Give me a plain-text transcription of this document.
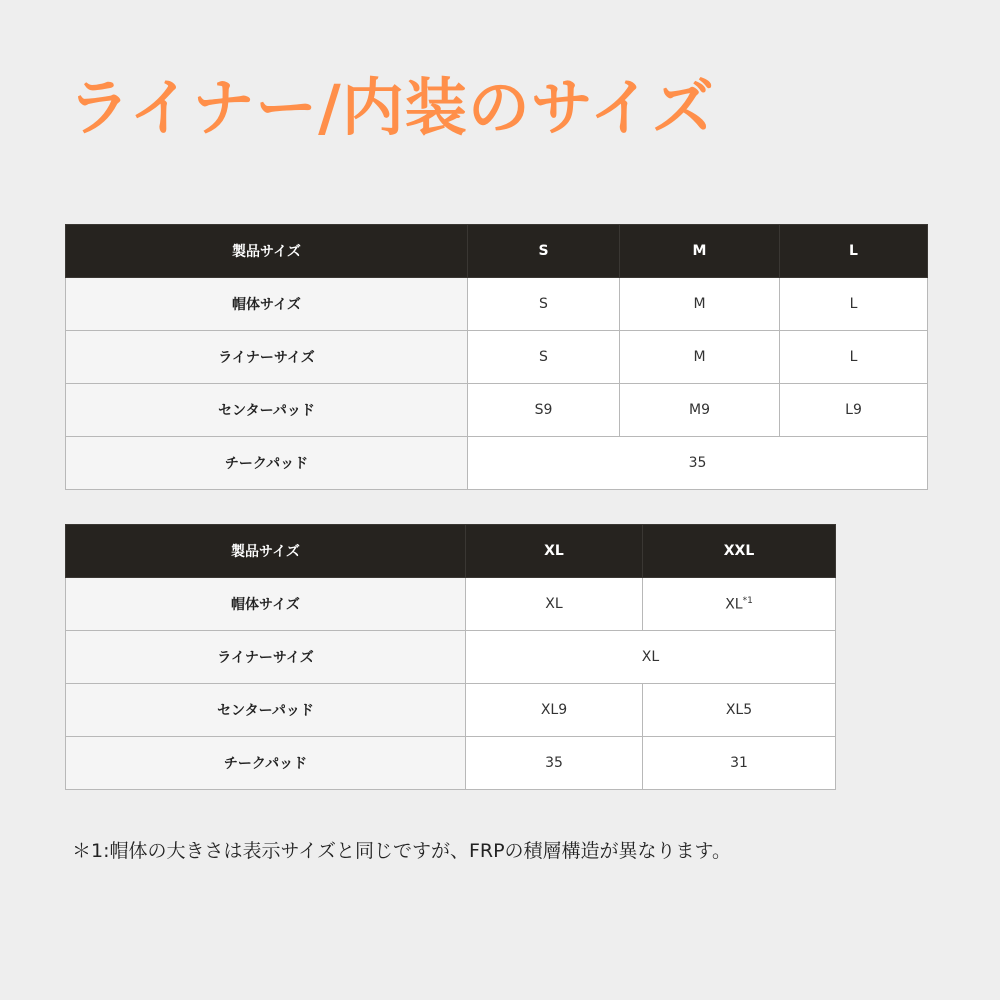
ライナー/内装のサイズ
製品サイズ	S	M	L
帽体サイズ	S	M	L
ライナーサイズ	S	M	L
センターパッド	S9	M9	L9
チークパッド	35		
製品サイズ	XL	XXL
帽体サイズ	XL	XL$^{*1}$
ライナーサイズ	XL	
センターパッド	XL9	XL5
チークパッド	35	31
＊1:帽体の大きさは表示サイズと同じですが、FRPの積層構造が異なります。
